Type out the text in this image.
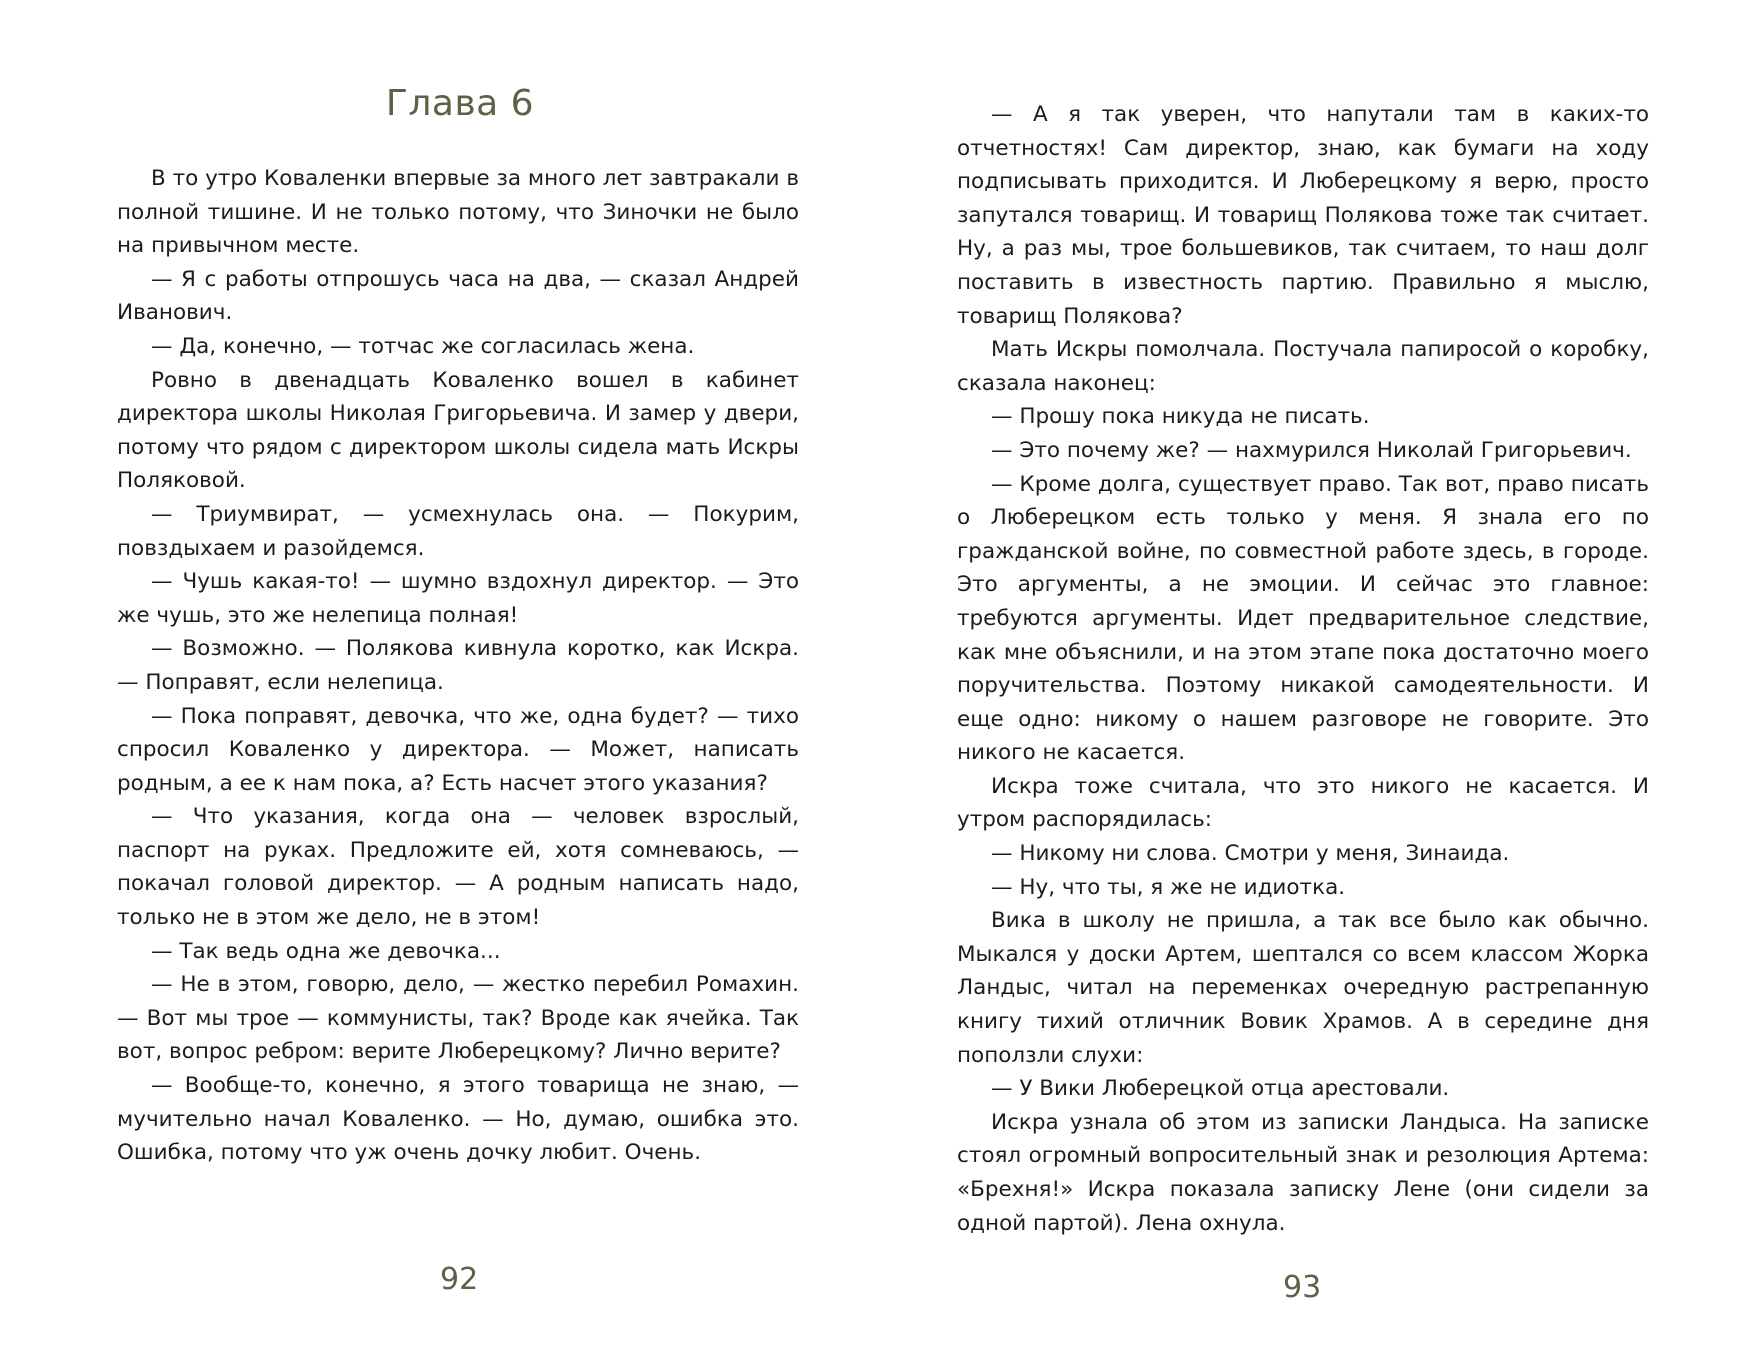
Глава 6

В то утро Коваленки впервые за много лет завтракали в полной тишине. И не только потому, что Зиночки не было на привычном месте.

— Я с работы отпрошусь часа на два, — сказал Андрей Иванович.

— Да, конечно, — тотчас же согласилась жена.

Ровно в двенадцать Коваленко вошел в кабинет директора школы Николая Григорьевича. И замер у двери, потому что рядом с директором школы сидела мать Искры Поляковой.

— Триумвират, — усмехнулась она. — Покурим, повздыхаем и разойдемся.

— Чушь какая-то! — шумно вздохнул директор. — Это же чушь, это же нелепица полная!

— Возможно. — Полякова кивнула коротко, как Искра. — Поправят, если нелепица.

— Пока поправят, девочка, что же, одна будет? — тихо спросил Коваленко у директора. — Может, написать родным, а ее к нам пока, а? Есть насчет этого указания?

— Что указания, когда она — человек взрослый, паспорт на руках. Предложите ей, хотя сомневаюсь, — покачал головой директор. — А родным написать надо, только не в этом же дело, не в этом!

— Так ведь одна же девочка...

— Не в этом, говорю, дело, — жестко перебил Ромахин. — Вот мы трое — коммунисты, так? Вроде как ячейка. Так вот, вопрос ребром: верите Люберецкому? Лично верите?

— Вообще-то, конечно, я этого товарища не знаю, — мучительно начал Коваленко. — Но, думаю, ошибка это. Ошибка, потому что уж очень дочку любит. Очень.

92

— А я так уверен, что напутали там в каких-то отчетностях! Сам директор, знаю, как бумаги на ходу подписывать приходится. И Люберецкому я верю, просто запутался товарищ. И товарищ Полякова тоже так считает. Ну, а раз мы, трое большевиков, так считаем, то наш долг поставить в известность партию. Правильно я мыслю, товарищ Полякова?

Мать Искры помолчала. Постучала папиросой о коробку, сказала наконец:

— Прошу пока никуда не писать.

— Это почему же? — нахмурился Николай Григорьевич.

— Кроме долга, существует право. Так вот, право писать о Люберецком есть только у меня. Я знала его по гражданской войне, по совместной работе здесь, в городе. Это аргументы, а не эмоции. И сейчас это главное: требуются аргументы. Идет предварительное следствие, как мне объяснили, и на этом этапе пока достаточно моего поручительства. Поэтому никакой самодеятельности. И еще одно: никому о нашем разговоре не говорите. Это никого не касается.

Искра тоже считала, что это никого не касается. И утром распорядилась:

— Никому ни слова. Смотри у меня, Зинаида.

— Ну, что ты, я же не идиотка.

Вика в школу не пришла, а так все было как обычно. Мыкался у доски Артем, шептался со всем классом Жорка Ландыс, читал на переменках очередную растрепанную книгу тихий отличник Вовик Храмов. А в середине дня поползли слухи:

— У Вики Люберецкой отца арестовали.

Искра узнала об этом из записки Ландыса. На записке стоял огромный вопросительный знак и резолюция Артема: «Брехня!» Искра показала записку Лене (они сидели за одной партой). Лена охнула.

93
